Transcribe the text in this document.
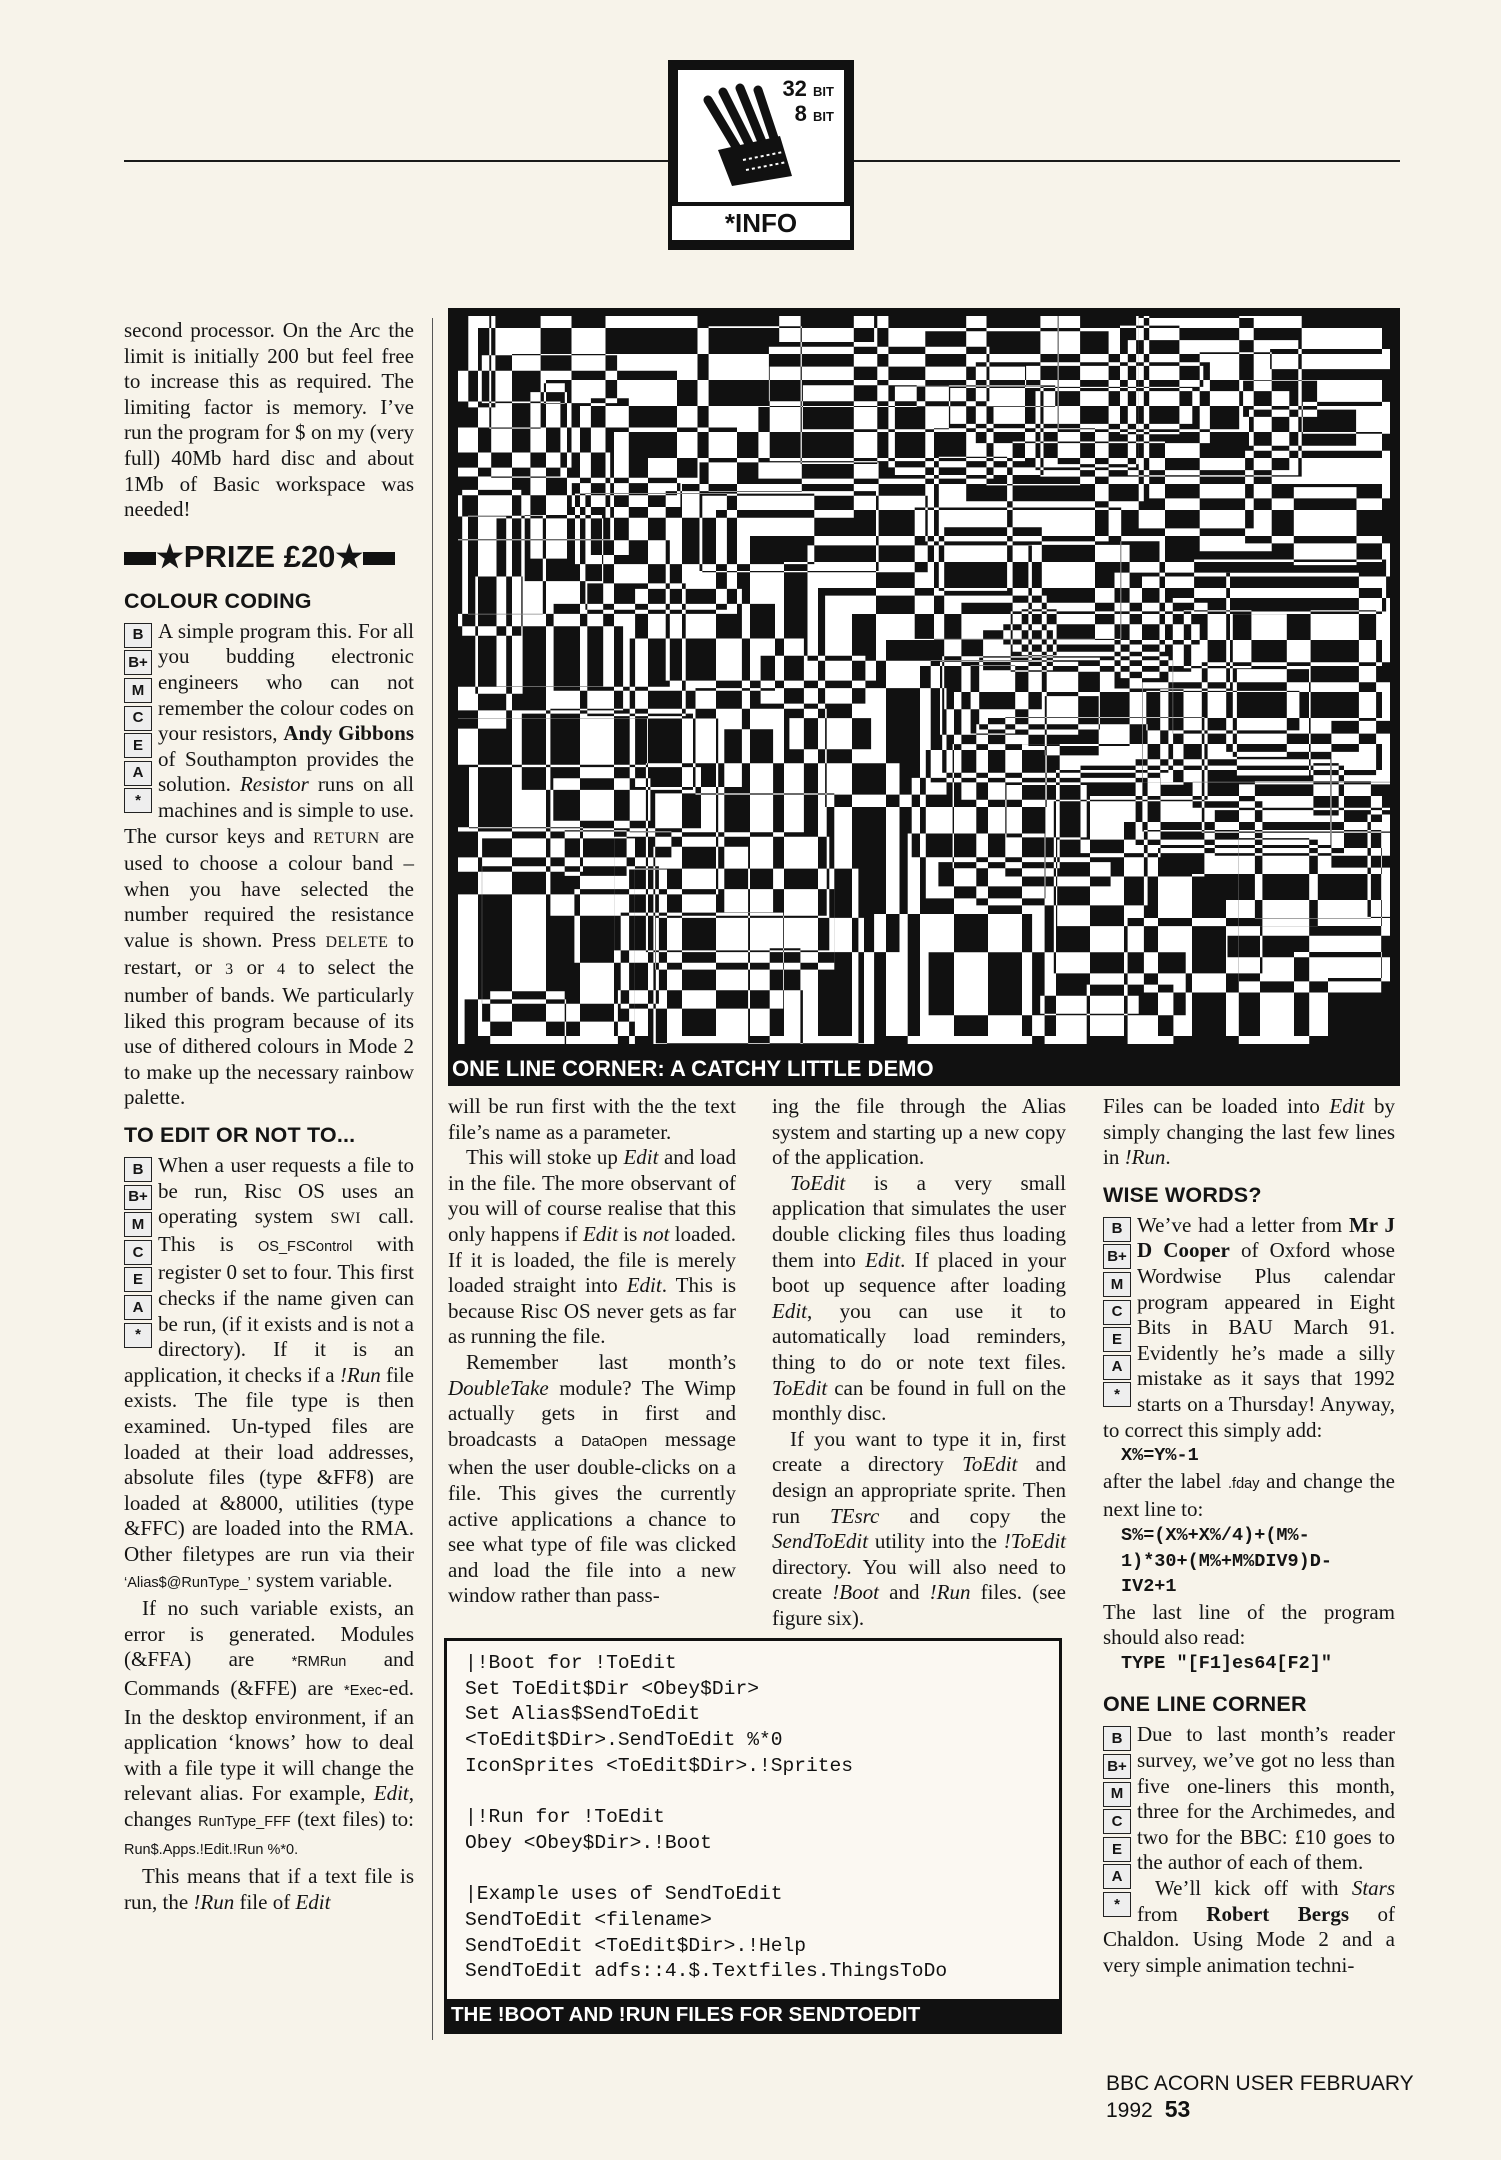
32 BIT
8 BIT
*INFO

second processor. On the Arc the limit is initially 200 but feel free to increase this as required. The limiting factor is memory. I’ve run the program for $ on my (very full) 40Mb hard disc and about 1Mb of Basic workspace was needed!

★PRIZE £20★
COLOUR CODING
B
B+
M
C
E
A
*

A simple program this. For all you budding electronic engineers who can not remember the colour codes on your resistors, Andy Gibbons of Southampton provides the solution. Resistor runs on all machines and is simple to use. The cursor keys and RETURN are used to choose a colour band – when you have selected the number required the resistance value is shown. Press DELETE to restart, or 3 or 4 to select the number of bands. We particularly liked this program because of its use of dithered colours in Mode 2 to make up the necessary rainbow palette.

TO EDIT OR NOT TO...
B
B+
M
C
E
A
*

When a user requests a file to be run, Risc OS uses an operating system SWI call. This is OS_FSControl with register 0 set to four. This first checks if the name given can be run, (if it exists and is not a directory). If it is an application, it checks if a !Run file exists. The file type is then examined. Un-typed files are loaded at their load addresses, absolute files (type &FF8) are loaded at &8000, utilities (type &FFC) are loaded into the RMA. Other filetypes are run via their ‘Alias$@RunType_’ system variable.

If no such variable exists, an error is generated. Modules (&FFA) are	*RMRun and Commands (&FFE) are *Exec-ed. In the desktop environment, if an application ‘knows’ how to deal with a file type it will change the relevant alias. For example, Edit, changes RunType_FFF (text files) to: Run$.Apps.!Edit.!Run %*0.

This means that if a text file is run, the !Run file of Edit

ONE LINE CORNER: A CATCHY LITTLE DEMO

will be run first with the the text file’s name as a parameter.

This will stoke up Edit and load in the file. The more observant of you will of course realise that this only happens if Edit is not loaded. If it is loaded, the file is merely loaded straight into Edit. This is because Risc OS never gets as far as running the file.

Remember last month’s DoubleTake module? The Wimp actually gets in first and broadcasts a DataOpen message when the user double-clicks on a file. This gives the currently active applications a chance to see what type of file was clicked and load the file into a new window rather than pass-

ing the file through the Alias system and starting up a new copy of the application.

ToEdit is a very small application that simulates the user double clicking files thus loading them into Edit. If placed in your boot up sequence after loading Edit, you can use it to automatically load reminders, thing to do or note text files. ToEdit can be found in full on the monthly disc.

If you want to type it in, first create a directory ToEdit and design an appropriate sprite. Then run TEsrc and copy the SendToEdit utility into the !ToEdit directory. You will also need to create !Boot and !Run files. (see figure six).

Files can be loaded into Edit by simply changing the last few lines in !Run.

WISE WORDS?
B
B+
M
C
E
A
*

We’ve had a letter from Mr J D Cooper of Oxford whose Wordwise Plus calendar program appeared in Eight Bits in BAU March 91. Evidently he’s made a silly mistake as it says that 1992 starts on a Thursday! Anyway, to correct this simply add:

X%=Y%-1

after the label .fday and change the next line to:

S%=(X%+X%/4)+(M%-
1)*30+(M%+M%DIV9)D-
IV2+1

The last line of the program should also read:

TYPE "[F1]es64[F2]"
ONE LINE CORNER
B
B+
M
C
E
A
*

Due to last month’s reader survey, we’ve got no less than five one-liners this month, three for the Archimedes, and two for the BBC: £10 goes to the author of each of them.

We’ll kick off with Stars from Robert Bergs of Chaldon. Using Mode 2 and a very simple animation techni-

|!Boot for !ToEdit
Set ToEdit$Dir <Obey$Dir>
Set Alias$SendToEdit
<ToEdit$Dir>.SendToEdit %*0
IconSprites <ToEdit$Dir>.!Sprites

|!Run for !ToEdit
Obey <Obey$Dir>.!Boot

|Example uses of SendToEdit
SendToEdit <filename>
SendToEdit <ToEdit$Dir>.!Help
SendToEdit adfs::4.$.Textfiles.ThingsToDo
THE !BOOT AND !RUN FILES FOR SENDTOEDIT
BBC ACORN USER FEBRUARY 1992 53
